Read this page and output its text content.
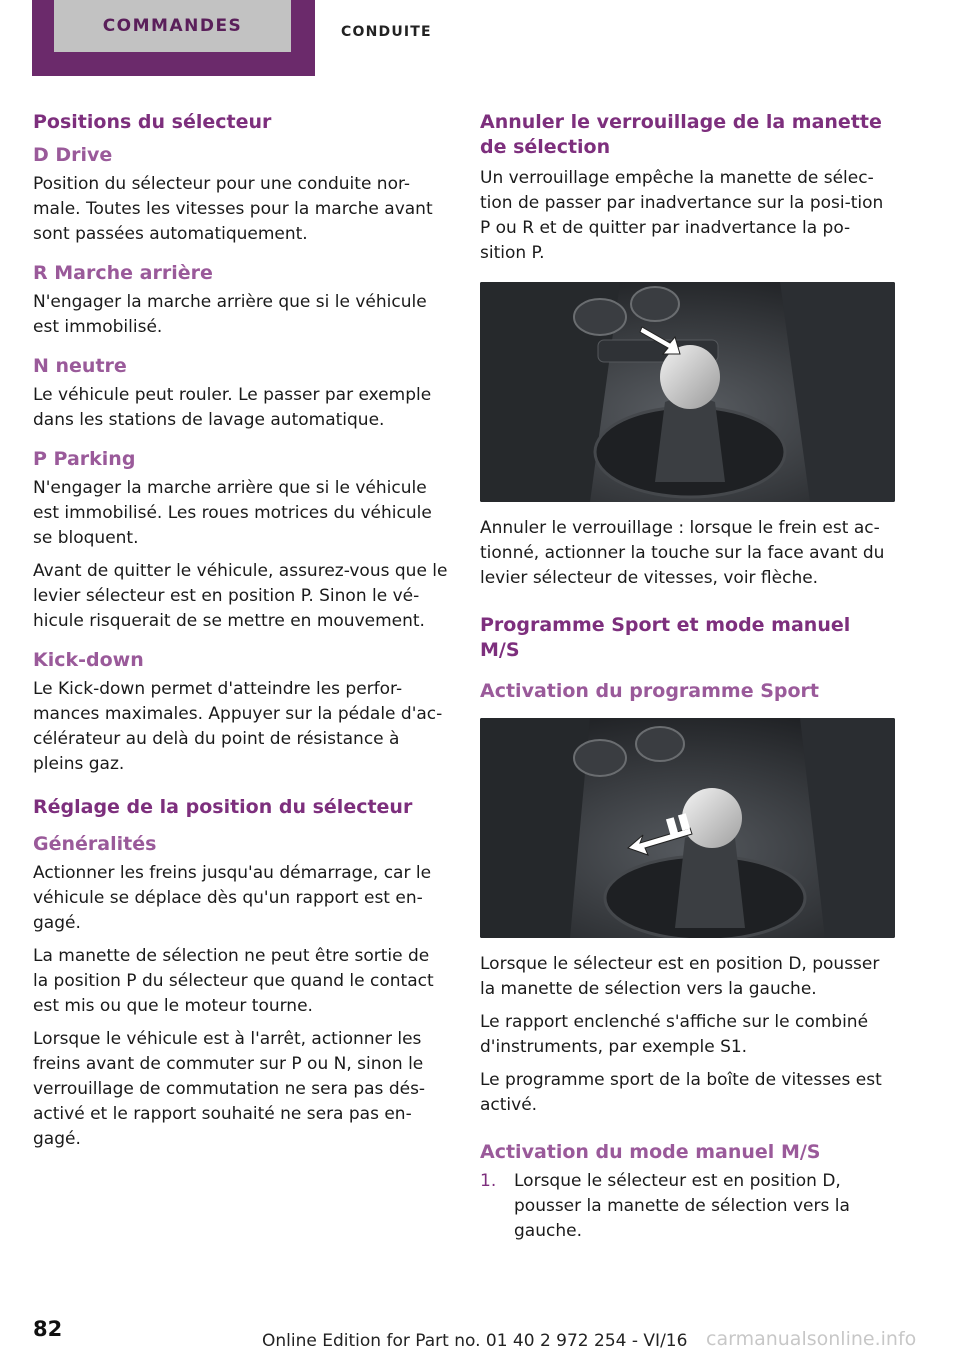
COMMANDES	CONDUITE
Positions du sélecteur
D Drive

Position du sélecteur pour une conduite nor-male. Toutes les vitesses pour la marche avant sont passées automatiquement.

R Marche arrière

N'engager la marche arrière que si le véhicule est immobilisé.

N neutre

Le véhicule peut rouler. Le passer par exemple dans les stations de lavage automatique.

P Parking

N'engager la marche arrière que si le véhicule est immobilisé. Les roues motrices du véhicule se bloquent.

Avant de quitter le véhicule, assurez-vous que le levier sélecteur est en position P. Sinon le vé-hicule risquerait de se mettre en mouvement.

Kick-down

Le Kick-down permet d'atteindre les perfor-mances maximales. Appuyer sur la pédale d'ac-célérateur au delà du point de résistance à pleins gaz.

Réglage de la position du sélecteur
Généralités

Actionner les freins jusqu'au démarrage, car le véhicule se déplace dès qu'un rapport est en-gagé.

La manette de sélection ne peut être sortie de la position P du sélecteur que quand le contact est mis ou que le moteur tourne.

Lorsque le véhicule est à l'arrêt, actionner les freins avant de commuter sur P ou N, sinon le verrouillage de commutation ne sera pas dés-activé et le rapport souhaité ne sera pas en-gagé.

Annuler le verrouillage de la manette de sélection

Un verrouillage empêche la manette de sélec-tion de passer par inadvertance sur la posi-tion P ou R et de quitter par inadvertance la po-sition P.

Annuler le verrouillage : lorsque le frein est ac-tionné, actionner la touche sur la face avant du levier sélecteur de vitesses, voir flèche.

Programme Sport et mode manuel M/S
Activation du programme Sport

Lorsque le sélecteur est en position D, pousser la manette de sélection vers la gauche.

Le rapport enclenché s'affiche sur le combiné d'instruments, par exemple S1.

Le programme sport de la boîte de vitesses est activé.

Activation du mode manuel M/S
1. Lorsque le sélecteur est en position D, pousser la manette de sélection vers la gauche.
82	Online Edition for Part no. 01 40 2 972 254 - VI/16 carmanualsonline.info
